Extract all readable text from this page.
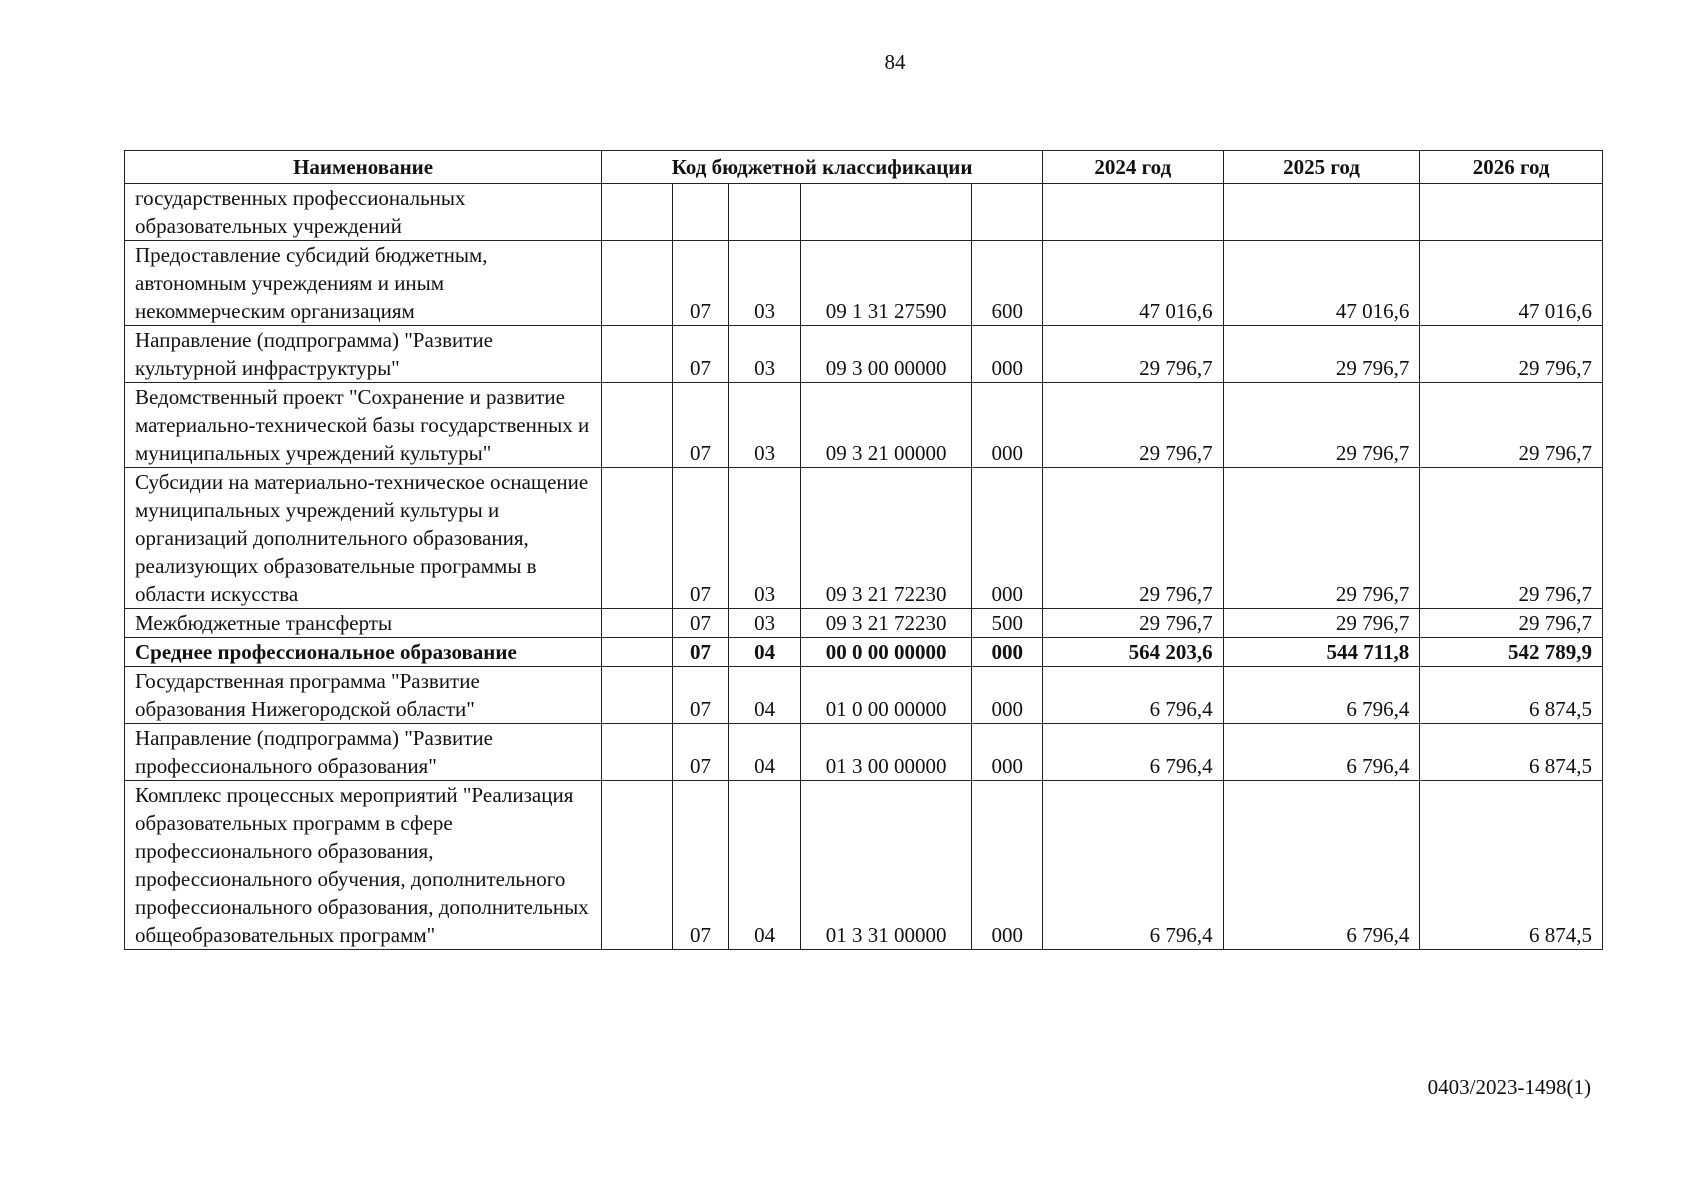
84
Наименование	Код бюджетной классификации					2024 год	2025 год	2026 год
государственных профессиональных образовательных учреждений								
Предоставление субсидий бюджетным, автономным учреждениям и иным некоммерческим организациям		07	03	09 1 31 27590	600	47 016,6	47 016,6	47 016,6
Направление (подпрограмма) "Развитие культурной инфраструктуры"		07	03	09 3 00 00000	000	29 796,7	29 796,7	29 796,7
Ведомственный проект "Сохранение и развитие материально-технической базы государственных и муниципальных учреждений культуры"		07	03	09 3 21 00000	000	29 796,7	29 796,7	29 796,7
Субсидии на материально-техническое оснащение муниципальных учреждений культуры и организаций дополнительного образования, реализующих образовательные программы в области искусства		07	03	09 3 21 72230	000	29 796,7	29 796,7	29 796,7
Межбюджетные трансферты		07	03	09 3 21 72230	500	29 796,7	29 796,7	29 796,7
Среднее профессиональное образование		07	04	00 0 00 00000	000	564 203,6	544 711,8	542 789,9
Государственная программа "Развитие образования Нижегородской области"		07	04	01 0 00 00000	000	6 796,4	6 796,4	6 874,5
Направление (подпрограмма) "Развитие профессионального образования"		07	04	01 3 00 00000	000	6 796,4	6 796,4	6 874,5
Комплекс процессных мероприятий "Реализация образовательных программ в сфере профессионального образования, профессионального обучения, дополнительного профессионального образования, дополнительных общеобразовательных программ"		07	04	01 3 31 00000	000	6 796,4	6 796,4	6 874,5
0403/2023-1498(1)
